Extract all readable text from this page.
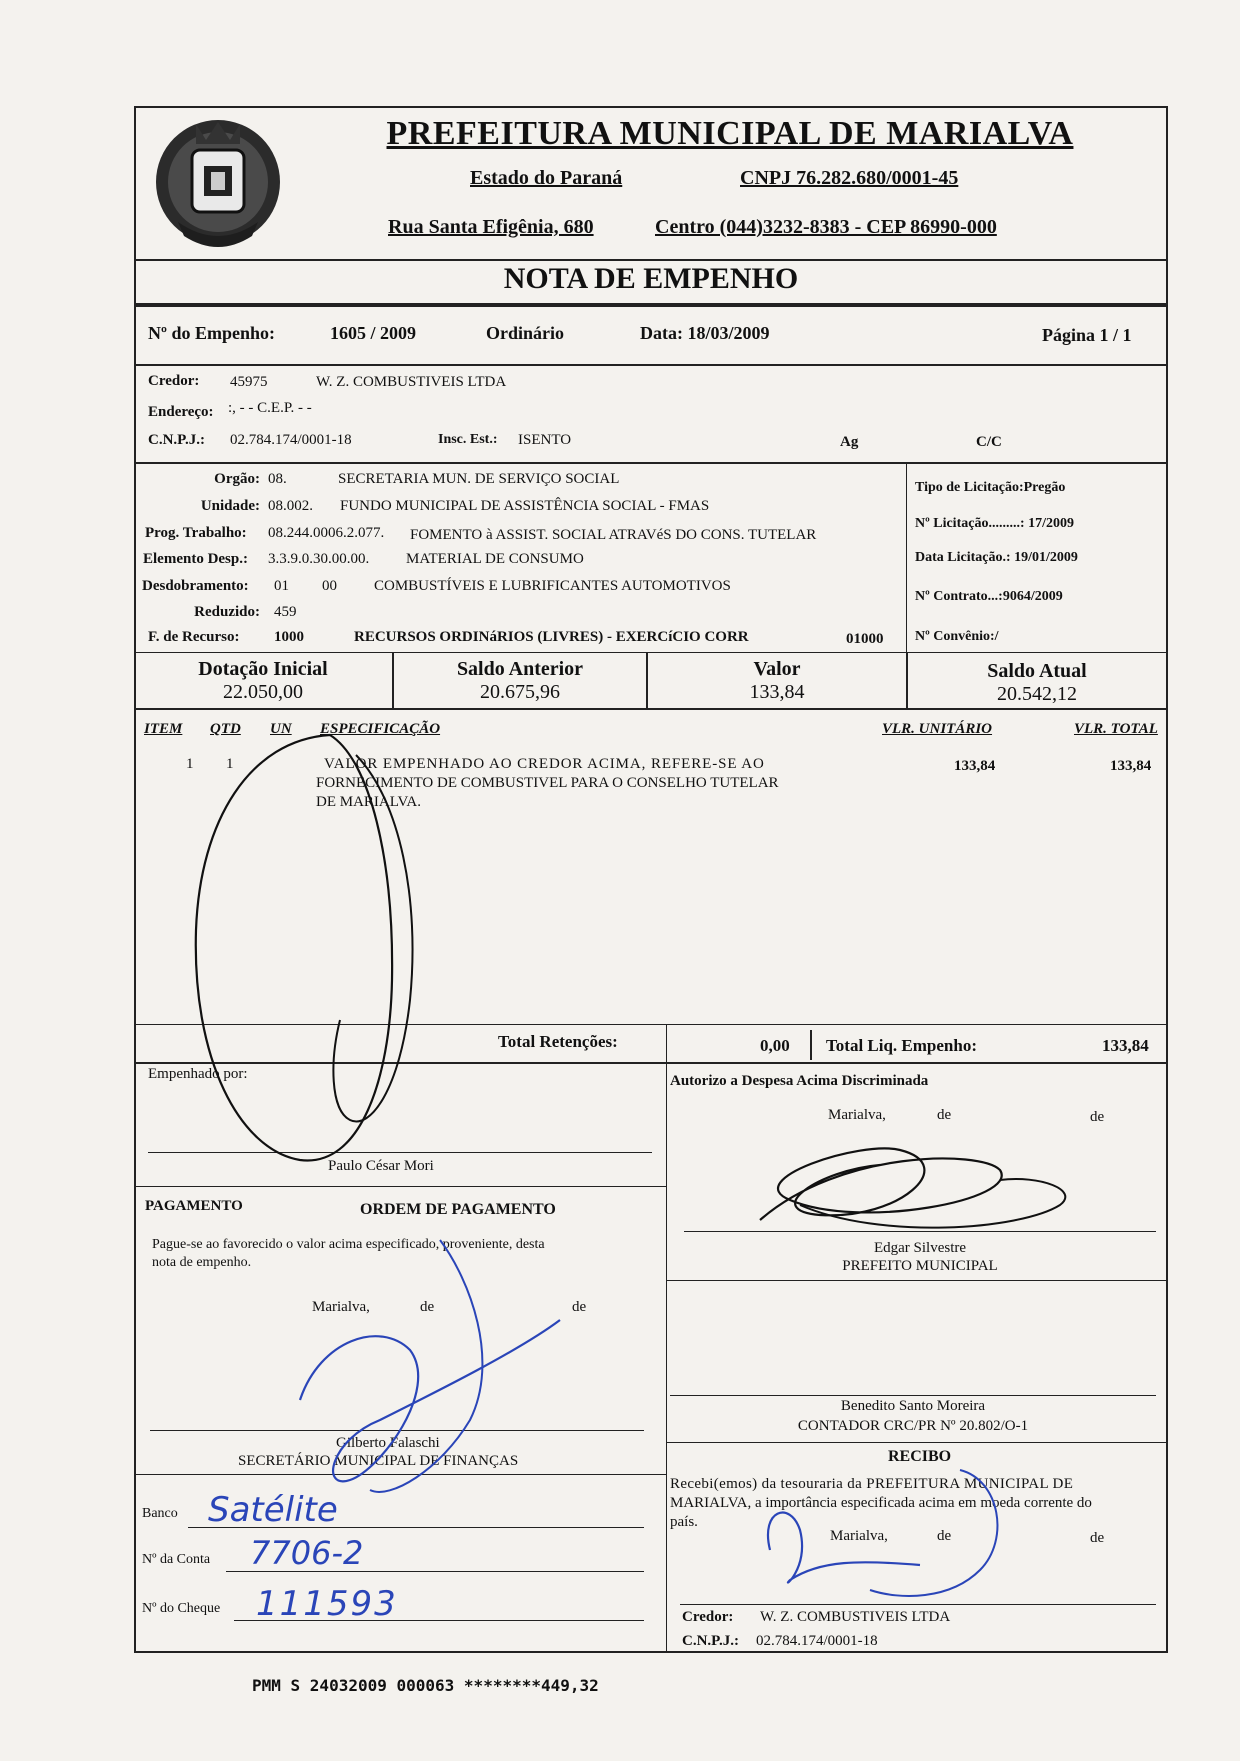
PREFEITURA MUNICIPAL DE MARIALVA
Estado do Paraná	CNPJ 76.282.680/0001-45
Rua Santa Efigênia, 680	Centro (044)3232-8383 - CEP 86990-000
NOTA DE EMPENHO
Nº do Empenho:	1605 / 2009	Ordinário	Data: 18/03/2009	Página 1 / 1
Credor: 45975	W. Z. COMBUSTIVEIS LTDA
Endereço: :, - - C.E.P. - -
C.N.P.J.: 02.784.174/0001-18	Insc. Est.: ISENTO	Ag	C/C
Orgão: 08.	SECRETARIA MUN. DE SERVIÇO SOCIAL
Unidade: 08.002. FUNDO MUNICIPAL DE ASSISTÊNCIA SOCIAL - FMAS
Prog. Trabalho: 08.244.0006.2.077. FOMENTO à ASSIST. SOCIAL ATRAVéS DO CONS. TUTELAR
Elemento Desp.: 3.3.9.0.30.00.00. MATERIAL DE CONSUMO
Desdobramento: 01 00 COMBUSTÍVEIS E LUBRIFICANTES AUTOMOTIVOS
Reduzido: 459
F. de Recurso: 1000	RECURSOS ORDINáRIOS (LIVRES) - EXERCíCIO CORR	01000
Tipo de Licitação:Pregão
Nº Licitação.........: 17/2009
Data Licitação.: 19/01/2009
Nº Contrato...:9064/2009
Nº Convênio:/
Dotação Inicial
22.050,00
Saldo Anterior
20.675,96
Valor
133,84
Saldo Atual
20.542,12
ITEM QTD UN ESPECIFICAÇÃO	VLR. UNITÁRIO	VLR. TOTAL
1 1	VALOR EMPENHADO AO CREDOR ACIMA, REFERE-SE AO
FORNECIMENTO DE COMBUSTIVEL PARA O CONSELHO TUTELAR
DE MARIALVA.
133,84	133,84
Total Retenções:	0,00 Total Liq. Empenho:	133,84
Empenhado por:
Paulo César Mori
Autorizo a Despesa Acima Discriminada
Marialva,	de	de
Edgar Silvestre
PREFEITO MUNICIPAL
PAGAMENTO	ORDEM DE PAGAMENTO
Pague-se ao favorecido o valor acima especificado, proveniente, desta
nota de empenho.
Marialva,	de	de
Gilberto Falaschi
SECRETÁRIO MUNICIPAL DE FINANÇAS
Banco Satélite
Nº da Conta 7706-2
Nº do Cheque 111593
Benedito Santo Moreira
CONTADOR CRC/PR Nº 20.802/O-1
RECIBO
Recebi(emos) da tesouraria da PREFEITURA MUNICIPAL DE
MARIALVA, a importância especificada acima em moeda corrente do
país.
Marialva,	de	de
Credor: W. Z. COMBUSTIVEIS LTDA
C.N.P.J.: 02.784.174/0001-18
PMM S 24032009 000063 ********449,32
